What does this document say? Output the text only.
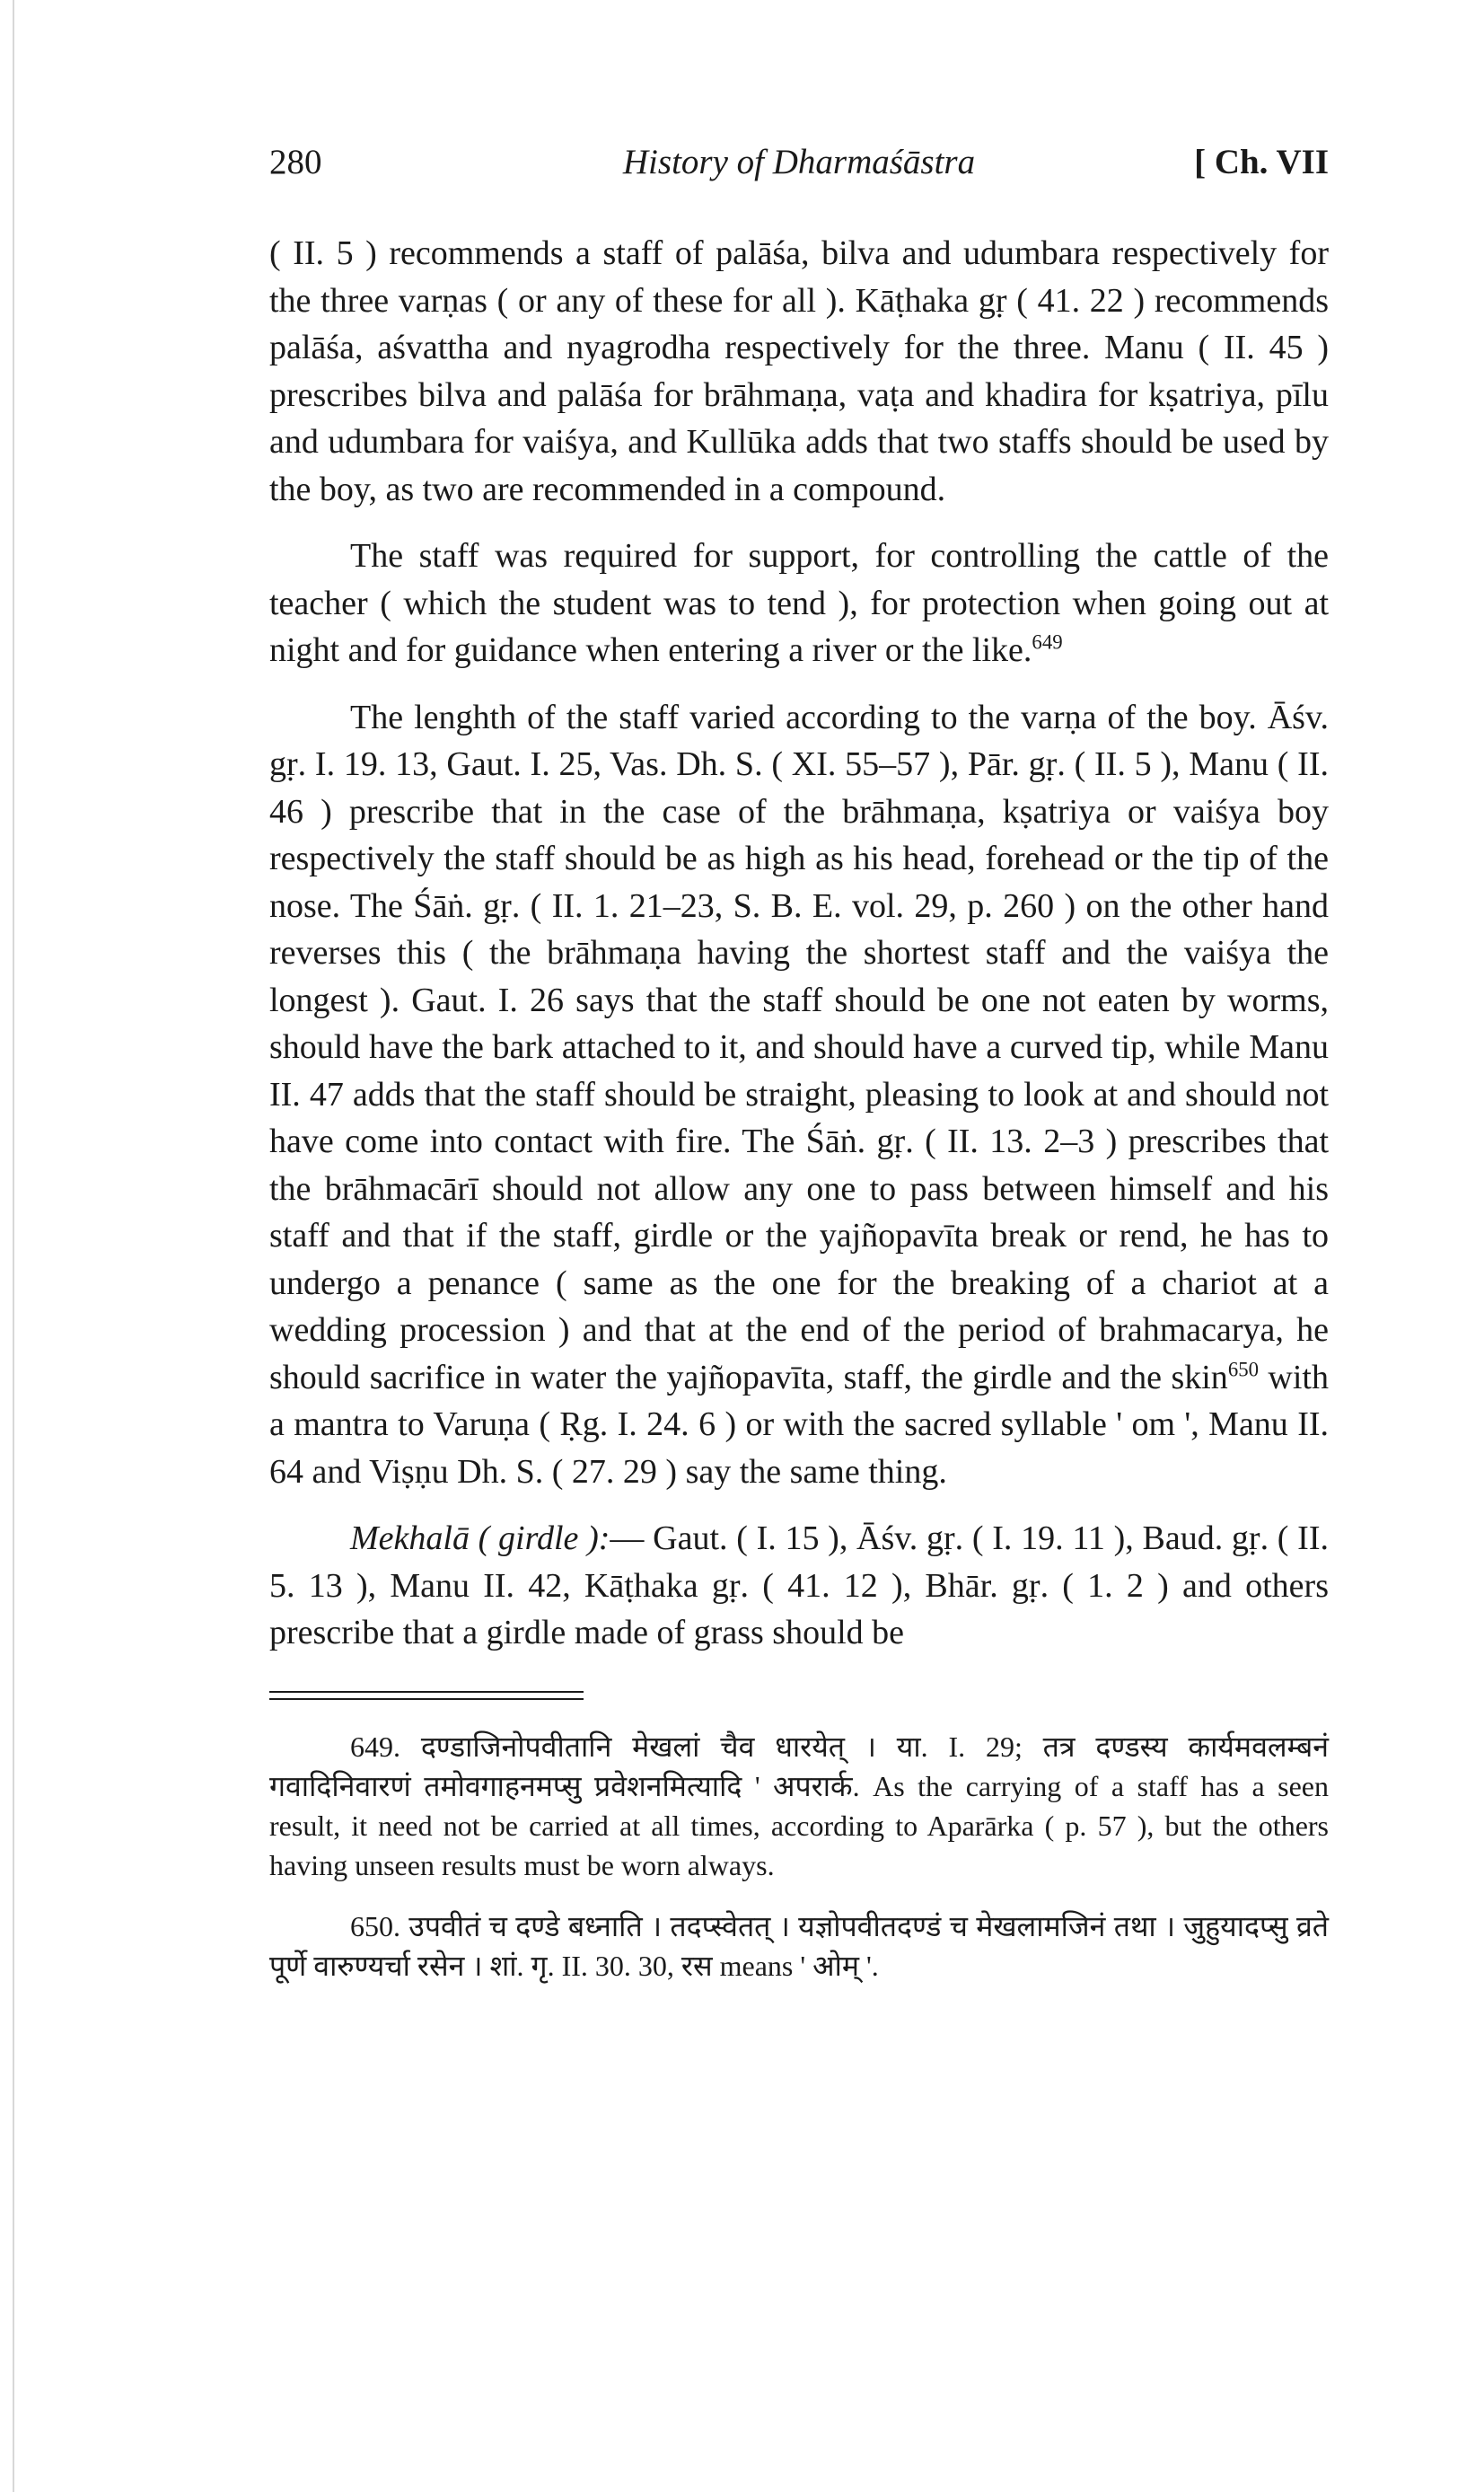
280	History of Dharmaśāstra	[ Ch. VII

( II. 5 ) recommends a staff of palāśa, bilva and udumbara respectively for the three varṇas ( or any of these for all ). Kāṭhaka gṛ ( 41. 22 ) recommends palāśa, aśvattha and nyagrodha respectively for the three. Manu ( II. 45 ) prescribes bilva and palāśa for brāhmaṇa, vaṭa and khadira for kṣatriya, pīlu and udumbara for vaiśya, and Kullūka adds that two staffs should be used by the boy, as two are recommended in a compound.

The staff was required for support, for controlling the cattle of the teacher ( which the student was to tend ), for protection when going out at night and for guidance when entering a river or the like.$^{649}$

The lenghth of the staff varied according to the varṇa of the boy. Āśv. gṛ. I. 19. 13, Gaut. I. 25, Vas. Dh. S. ( XI. 55–57 ), Pār. gṛ. ( II. 5 ), Manu ( II. 46 ) prescribe that in the case of the brāhmaṇa, kṣatriya or vaiśya boy respectively the staff should be as high as his head, forehead or the tip of the nose. The Śāṅ. gṛ. ( II. 1. 21–23, S. B. E. vol. 29, p. 260 ) on the other hand reverses this ( the brāhmaṇa having the shortest staff and the vaiśya the longest ). Gaut. I. 26 says that the staff should be one not eaten by worms, should have the bark attached to it, and should have a curved tip, while Manu II. 47 adds that the staff should be straight, pleasing to look at and should not have come into contact with fire. The Śāṅ. gṛ. ( II. 13. 2–3 ) prescribes that the brāhmacārī should not allow any one to pass between himself and his staff and that if the staff, girdle or the yajñopavīta break or rend, he has to undergo a penance ( same as the one for the breaking of a chariot at a wedding procession ) and that at the end of the period of brahmacarya, he should sacrifice in water the yajñopavīta, staff, the girdle and the skin$^{650}$ with a mantra to Varuṇa ( Ṛg. I. 24. 6 ) or with the sacred syllable ' om ', Manu II. 64 and Viṣṇu Dh. S. ( 27. 29 ) say the same thing.

Mekhalā ( girdle ):— Gaut. ( I. 15 ), Āśv. gṛ. ( I. 19. 11 ), Baud. gṛ. ( II. 5. 13 ), Manu II. 42, Kāṭhaka gṛ. ( 41. 12 ), Bhār. gṛ. ( 1. 2 ) and others prescribe that a girdle made of grass should be

649. दण्डाजिनोपवीतानि मेखलां चैव धारयेत् । या. I. 29; तत्र दण्डस्य कार्यमवलम्बनं गवादिनिवारणं तमोवगाहनमप्सु प्रवेशनमित्यादि ' अपरार्क. As the carrying of a staff has a seen result, it need not be carried at all times, according to Aparārka ( p. 57 ), but the others having unseen results must be worn always.

650. उपवीतं च दण्डे बध्नाति । तदप्स्वेतत् । यज्ञोपवीतदण्डं च मेखलामजिनं तथा । जुहुयादप्सु व्रते पूर्णे वारुण्यर्चा रसेन । शां. गृ. II. 30. 30, रस means ' ओम् '.
